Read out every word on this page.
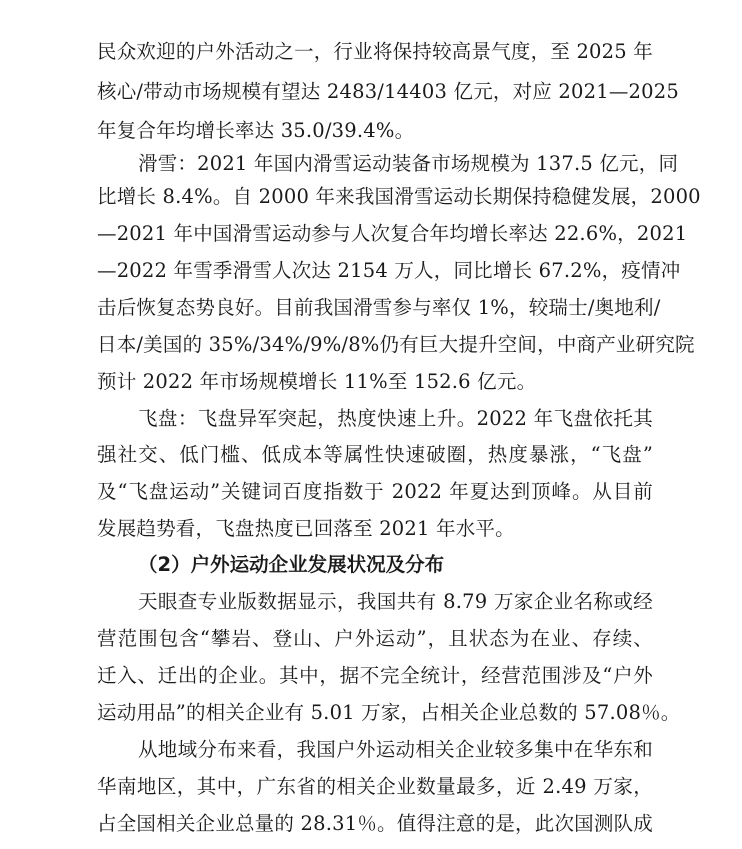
民众欢迎的户外活动之一，行业将保持较高景气度，至 2025 年
核心/带动市场规模有望达 2483/14403 亿元，对应 2021—2025
年复合年均增长率达 35.0/39.4%。
滑雪：2021 年国内滑雪运动装备市场规模为 137.5 亿元，同
比增长 8.4%。自 2000 年来我国滑雪运动长期保持稳健发展，2000
—2021 年中国滑雪运动参与人次复合年均增长率达 22.6%，2021
—2022 年雪季滑雪人次达 2154 万人，同比增长 67.2%，疫情冲
击后恢复态势良好。目前我国滑雪参与率仅 1%，较瑞士/奥地利/
日本/美国的 35%/34%/9%/8%仍有巨大提升空间，中商产业研究院
预计 2022 年市场规模增长 11%至 152.6 亿元。
飞盘：飞盘异军突起，热度快速上升。2022 年飞盘依托其
强社交、低门槛、低成本等属性快速破圈，热度暴涨，“飞盘”
及“飞盘运动”关键词百度指数于 2022 年夏达到顶峰。从目前
发展趋势看，飞盘热度已回落至 2021 年水平。
（2）户外运动企业发展状况及分布
天眼查专业版数据显示，我国共有 8.79 万家企业名称或经
营范围包含“攀岩、登山、户外运动”，且状态为在业、存续、
迁入、迁出的企业。其中，据不完全统计，经营范围涉及“户外
运动用品”的相关企业有 5.01 万家，占相关企业总数的 57.08％。
从地域分布来看，我国户外运动相关企业较多集中在华东和
华南地区，其中，广东省的相关企业数量最多，近 2.49 万家，
占全国相关企业总量的 28.31％。值得注意的是，此次国测队成
